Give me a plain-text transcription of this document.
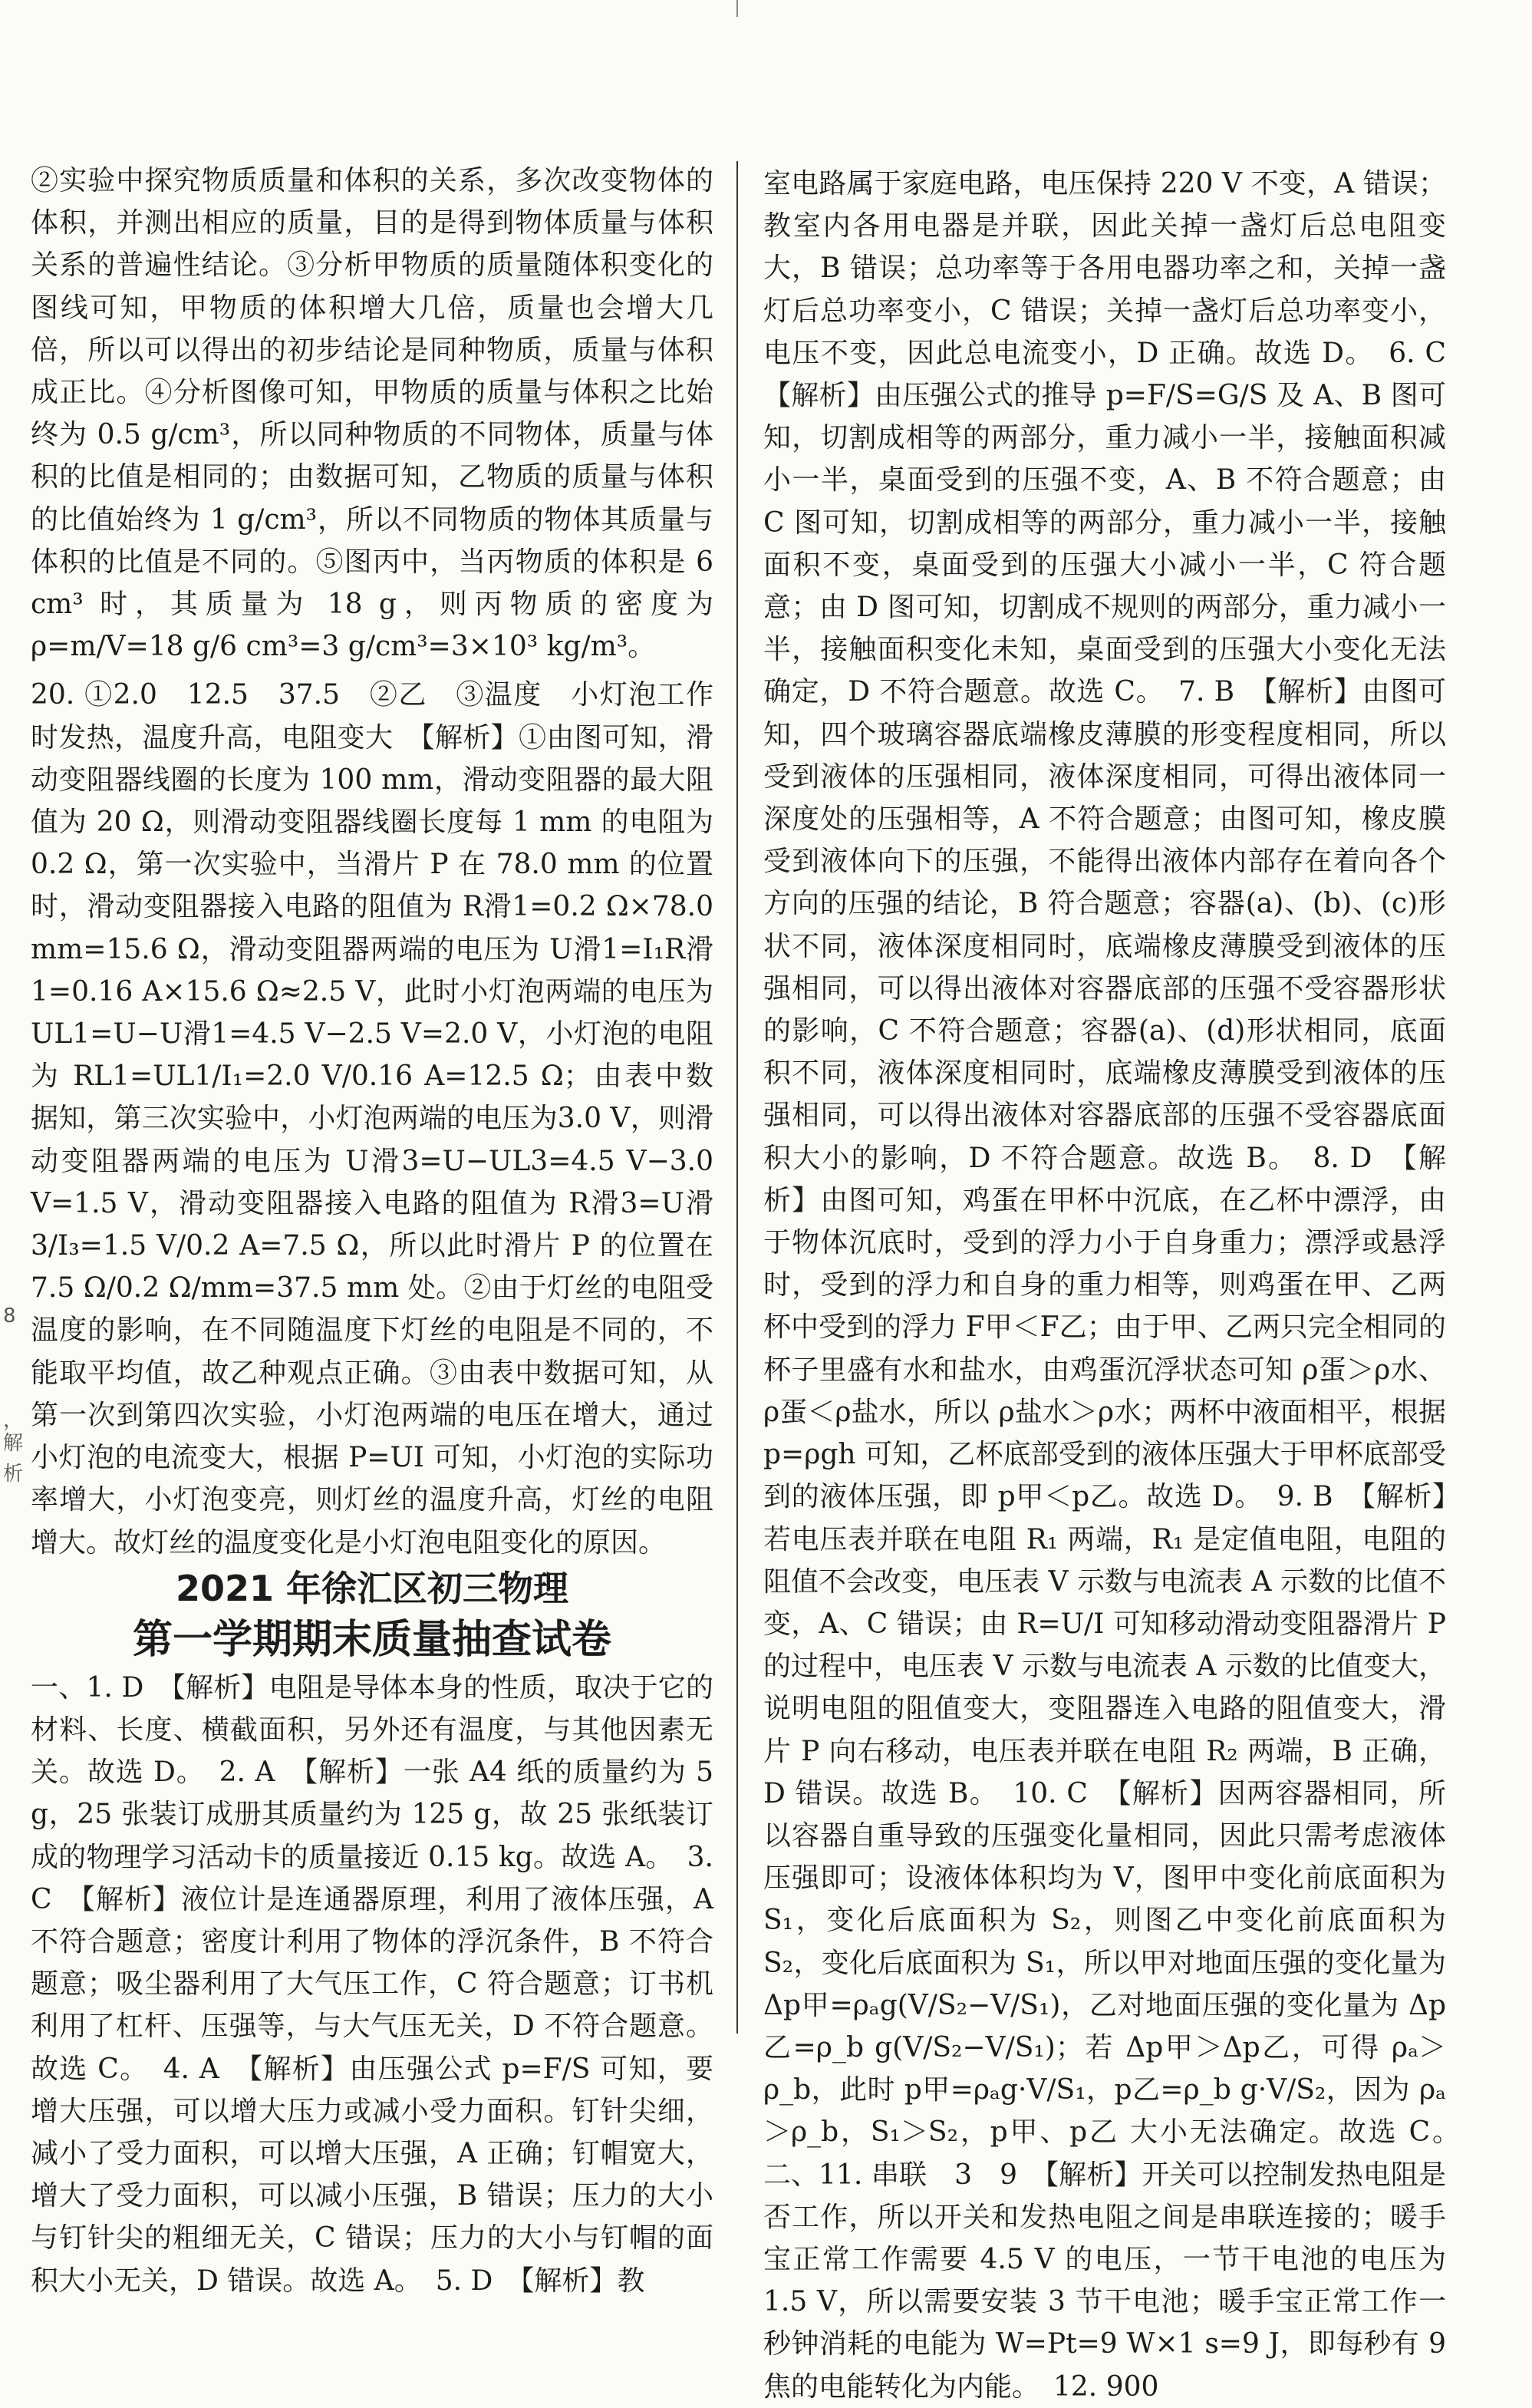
②实验中探究物质质量和体积的关系，多次改变物体的体积，并测出相应的质量，目的是得到物体质量与体积关系的普遍性结论。③分析甲物质的质量随体积变化的图线可知，甲物质的体积增大几倍，质量也会增大几倍，所以可以得出的初步结论是同种物质，质量与体积成正比。④分析图像可知，甲物质的质量与体积之比始终为 0.5 g/cm³，所以同种物质的不同物体，质量与体积的比值是相同的；由数据可知，乙物质的质量与体积的比值始终为 1 g/cm³，所以不同物质的物体其质量与体积的比值是不同的。⑤图丙中，当丙物质的体积是 6 cm³ 时，其质量为 18 g，则丙物质的密度为 ρ=m/V=18 g/6 cm³=3 g/cm³=3×10³ kg/m³。

20. ①2.0　12.5　37.5　②乙　③温度　小灯泡工作时发热，温度升高，电阻变大　【解析】①由图可知，滑动变阻器线圈的长度为 100 mm，滑动变阻器的最大阻值为 20 Ω，则滑动变阻器线圈长度每 1 mm 的电阻为 0.2 Ω，第一次实验中，当滑片 P 在 78.0 mm 的位置时，滑动变阻器接入电路的阻值为 R滑1=0.2 Ω×78.0 mm=15.6 Ω，滑动变阻器两端的电压为 U滑1=I₁R滑1=0.16 A×15.6 Ω≈2.5 V，此时小灯泡两端的电压为 UL1=U−U滑1=4.5 V−2.5 V=2.0 V，小灯泡的电阻为 RL1=UL1/I₁=2.0 V/0.16 A=12.5 Ω；由表中数据知，第三次实验中，小灯泡两端的电压为3.0 V，则滑动变阻器两端的电压为 U滑3=U−UL3=4.5 V−3.0 V=1.5 V，滑动变阻器接入电路的阻值为 R滑3=U滑3/I₃=1.5 V/0.2 A=7.5 Ω，所以此时滑片 P 的位置在 7.5 Ω/0.2 Ω/mm=37.5 mm 处。②由于灯丝的电阻受温度的影响，在不同随温度下灯丝的电阻是不同的，不能取平均值，故乙种观点正确。③由表中数据可知，从第一次到第四次实验，小灯泡两端的电压在增大，通过小灯泡的电流变大，根据 P=UI 可知，小灯泡的实际功率增大，小灯泡变亮，则灯丝的温度升高，灯丝的电阻增大。故灯丝的温度变化是小灯泡电阻变化的原因。

2021 年徐汇区初三物理

第一学期期末质量抽查试卷

一、1. D　【解析】电阻是导体本身的性质，取决于它的材料、长度、横截面积，另外还有温度，与其他因素无关。故选 D。　2. A　【解析】一张 A4 纸的质量约为 5 g，25 张装订成册其质量约为 125 g，故 25 张纸装订成的物理学习活动卡的质量接近 0.15 kg。故选 A。　3. C　【解析】液位计是连通器原理，利用了液体压强，A 不符合题意；密度计利用了物体的浮沉条件，B 不符合题意；吸尘器利用了大气压工作，C 符合题意；订书机利用了杠杆、压强等，与大气压无关，D 不符合题意。故选 C。　4. A　【解析】由压强公式 p=F/S 可知，要增大压强，可以增大压力或减小受力面积。钉针尖细，减小了受力面积，可以增大压强，A 正确；钉帽宽大，增大了受力面积，可以减小压强，B 错误；压力的大小与钉针尖的粗细无关，C 错误；压力的大小与钉帽的面积大小无关，D 错误。故选 A。　5. D　【解析】教

室电路属于家庭电路，电压保持 220 V 不变，A 错误；教室内各用电器是并联，因此关掉一盏灯后总电阻变大，B 错误；总功率等于各用电器功率之和，关掉一盏灯后总功率变小，C 错误；关掉一盏灯后总功率变小，电压不变，因此总电流变小，D 正确。故选 D。　6. C　【解析】由压强公式的推导 p=F/S=G/S 及 A、B 图可知，切割成相等的两部分，重力减小一半，接触面积减小一半，桌面受到的压强不变，A、B 不符合题意；由 C 图可知，切割成相等的两部分，重力减小一半，接触面积不变，桌面受到的压强大小减小一半，C 符合题意；由 D 图可知，切割成不规则的两部分，重力减小一半，接触面积变化未知，桌面受到的压强大小变化无法确定，D 不符合题意。故选 C。　7. B　【解析】由图可知，四个玻璃容器底端橡皮薄膜的形变程度相同，所以受到液体的压强相同，液体深度相同，可得出液体同一深度处的压强相等，A 不符合题意；由图可知，橡皮膜受到液体向下的压强，不能得出液体内部存在着向各个方向的压强的结论，B 符合题意；容器(a)、(b)、(c)形状不同，液体深度相同时，底端橡皮薄膜受到液体的压强相同，可以得出液体对容器底部的压强不受容器形状的影响，C 不符合题意；容器(a)、(d)形状相同，底面积不同，液体深度相同时，底端橡皮薄膜受到液体的压强相同，可以得出液体对容器底部的压强不受容器底面积大小的影响，D 不符合题意。故选 B。　8. D　【解析】由图可知，鸡蛋在甲杯中沉底，在乙杯中漂浮，由于物体沉底时，受到的浮力小于自身重力；漂浮或悬浮时，受到的浮力和自身的重力相等，则鸡蛋在甲、乙两杯中受到的浮力 F甲＜F乙；由于甲、乙两只完全相同的杯子里盛有水和盐水，由鸡蛋沉浮状态可知 ρ蛋＞ρ水、ρ蛋＜ρ盐水，所以 ρ盐水＞ρ水；两杯中液面相平，根据 p=ρgh 可知，乙杯底部受到的液体压强大于甲杯底部受到的液体压强，即 p甲＜p乙。故选 D。　9. B　【解析】若电压表并联在电阻 R₁ 两端，R₁ 是定值电阻，电阻的阻值不会改变，电压表 V 示数与电流表 A 示数的比值不变，A、C 错误；由 R=U/I 可知移动滑动变阻器滑片 P 的过程中，电压表 V 示数与电流表 A 示数的比值变大，说明电阻的阻值变大，变阻器连入电路的阻值变大，滑片 P 向右移动，电压表并联在电阻 R₂ 两端，B 正确，D 错误。故选 B。　10. C　【解析】因两容器相同，所以容器自重导致的压强变化量相同，因此只需考虑液体压强即可；设液体体积均为 V，图甲中变化前底面积为 S₁，变化后底面积为 S₂，则图乙中变化前底面积为 S₂，变化后底面积为 S₁，所以甲对地面压强的变化量为 Δp甲=ρₐg(V/S₂−V/S₁)，乙对地面压强的变化量为 Δp乙=ρ_b g(V/S₂−V/S₁)；若 Δp甲＞Δp乙，可得 ρₐ＞ρ_b，此时 p甲=ρₐg·V/S₁，p乙=ρ_b g·V/S₂，因为 ρₐ＞ρ_b，S₁＞S₂，p甲、p乙 大小无法确定。故选 C。　二、11. 串联　3　9　【解析】开关可以控制发热电阻是否工作，所以开关和发热电阻之间是串联连接的；暖手宝正常工作需要 4.5 V 的电压，一节干电池的电压为1.5 V，所以需要安装 3 节干电池；暖手宝正常工作一秒钟消耗的电能为 W=Pt=9 W×1 s=9 J，即每秒有 9 焦的电能转化为内能。　12. 900

8
，
解
析
